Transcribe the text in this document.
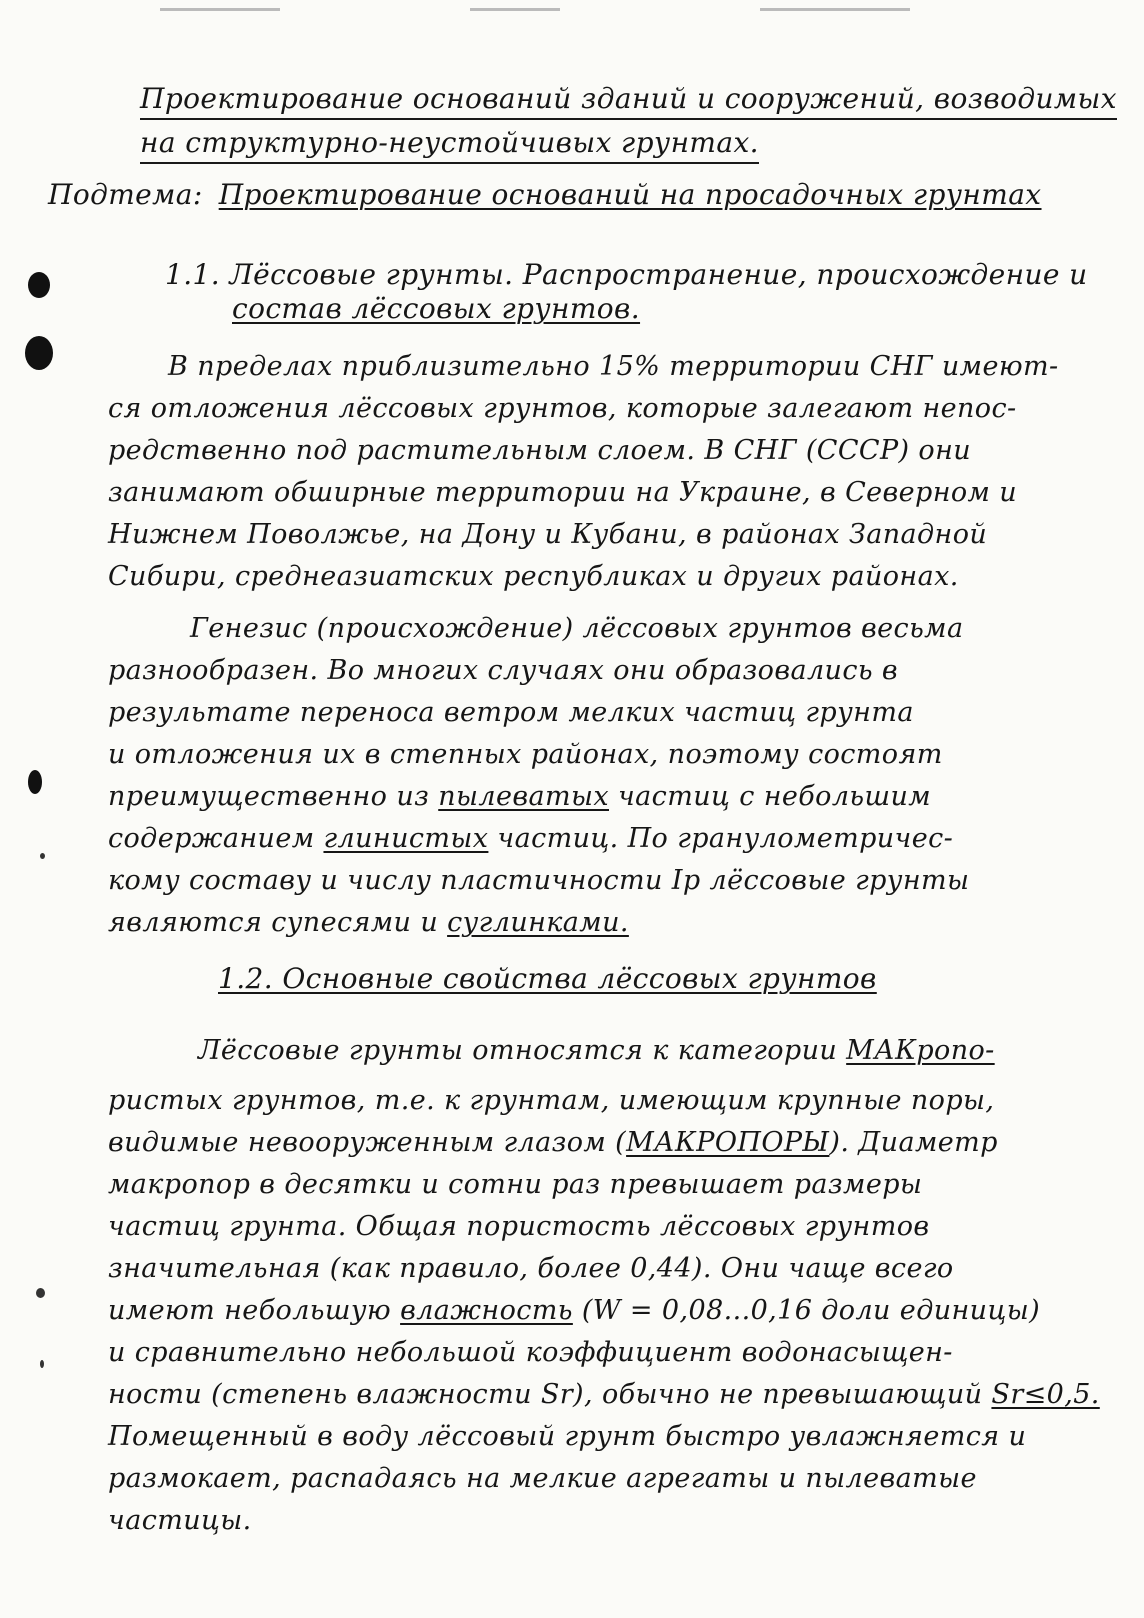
Проектирование оснований зданий и сооружений, возводимых
на структурно-неустойчивых грунтах.
Подтема: Проектирование оснований на просадочных грунтах
1.1. Лёссовые грунты. Распространение, происхождение и
состав лёссовых грунтов.
В пределах приблизительно 15% территории СНГ имеют-
ся отложения лёссовых грунтов, которые залегают непос-
редственно под растительным слоем. В СНГ (СССР) они
занимают обширные территории на Украине, в Северном и
Нижнем Поволжье, на Дону и Кубани, в районах Западной
Сибири, среднеазиатских республиках и других районах.
Генезис (происхождение) лёссовых грунтов весьма
разнообразен. Во многих случаях они образовались в
результате переноса ветром мелких частиц грунта
и отложения их в степных районах, поэтому состоят
преимущественно из пылеватых частиц с небольшим
содержанием глинистых частиц. По гранулометричес-
кому составу и числу пластичности Ip лёссовые грунты
являются супесями и суглинками.
1.2. Основные свойства лёссовых грунтов
Лёссовые грунты относятся к категории МАКропо-
ристых грунтов, т.е. к грунтам, имеющим крупные поры,
видимые невооруженным глазом (МАКРОПОРЫ). Диаметр
макропор в десятки и сотни раз превышает размеры
частиц грунта. Общая пористость лёссовых грунтов
значительная (как правило, более 0,44). Они чаще всего
имеют небольшую влажность (W = 0,08...0,16 доли единицы)
и сравнительно небольшой коэффициент водонасыщен-
ности (степень влажности Sr), обычно не превышающий Sr≤0,5.
Помещенный в воду лёссовый грунт быстро увлажняется и
размокает, распадаясь на мелкие агрегаты и пылеватые
частицы.
